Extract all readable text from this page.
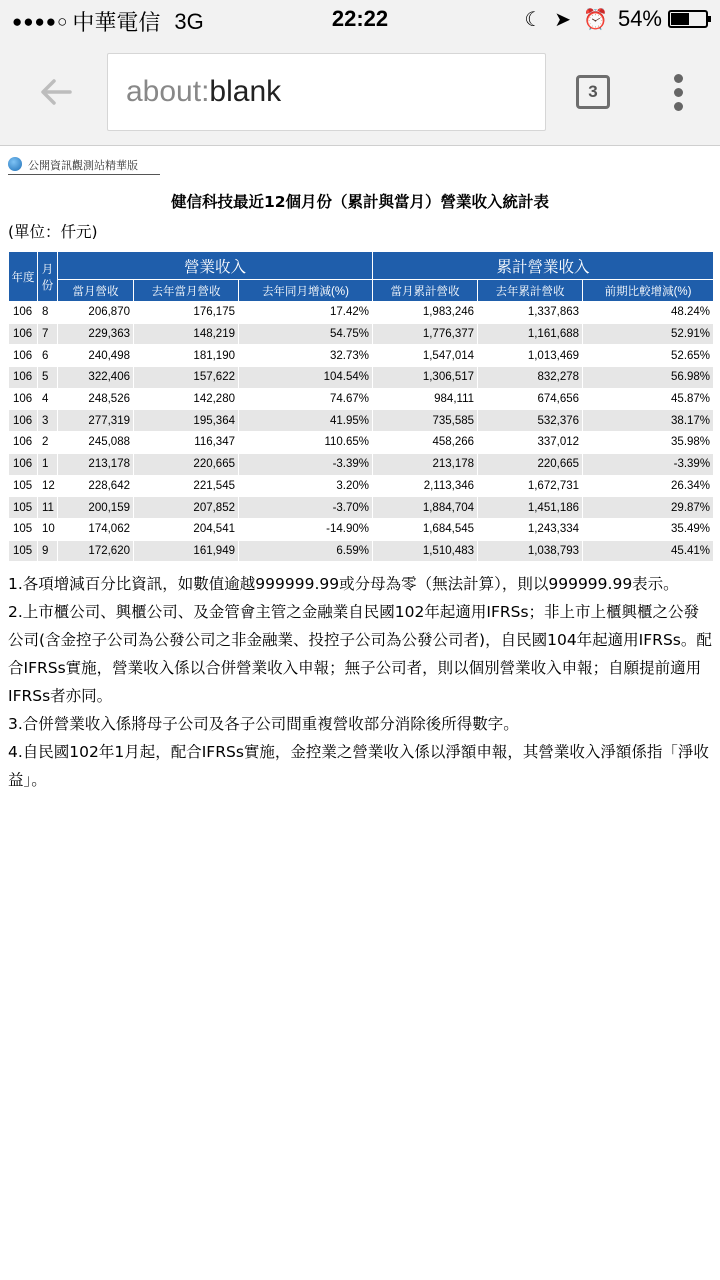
●●●●○ 中華電信 3G	22:22	☾ ➤ ⏰ 54%
about:blank	3
公開資訊觀測站精華版
健信科技最近12個月份（累計與當月）營業收入統計表
(單位：仟元)
年度	月份	營業收入			累計營業收入		
		當月營收	去年當月營收	去年同月增減(%)	當月累計營收	去年累計營收	前期比較增減(%)
106	8	206,870	176,175	17.42%	1,983,246	1,337,863	48.24%
106	7	229,363	148,219	54.75%	1,776,377	1,161,688	52.91%
106	6	240,498	181,190	32.73%	1,547,014	1,013,469	52.65%
106	5	322,406	157,622	104.54%	1,306,517	832,278	56.98%
106	4	248,526	142,280	74.67%	984,111	674,656	45.87%
106	3	277,319	195,364	41.95%	735,585	532,376	38.17%
106	2	245,088	116,347	110.65%	458,266	337,012	35.98%
106	1	213,178	220,665	-3.39%	213,178	220,665	-3.39%
105	12	228,642	221,545	3.20%	2,113,346	1,672,731	26.34%
105	11	200,159	207,852	-3.70%	1,884,704	1,451,186	29.87%
105	10	174,062	204,541	-14.90%	1,684,545	1,243,334	35.49%
105	9	172,620	161,949	6.59%	1,510,483	1,038,793	45.41%

1.各項增減百分比資訊，如數值逾越999999.99或分母為零（無法計算），則以999999.99表示。

2.上市櫃公司、興櫃公司、及金管會主管之金融業自民國102年起適用IFRSs；非上市上櫃興櫃之公發公司(含金控子公司為公發公司之非金融業、投控子公司為公發公司者)，自民國104年起適用IFRSs。配合IFRSs實施，營業收入係以合併營業收入申報；無子公司者，則以個別營業收入申報；自願提前適用IFRSs者亦同。

3.合併營業收入係將母子公司及各子公司間重複營收部分消除後所得數字。

4.自民國102年1月起，配合IFRSs實施，金控業之營業收入係以淨額申報，其營業收入淨額係指「淨收益」。
